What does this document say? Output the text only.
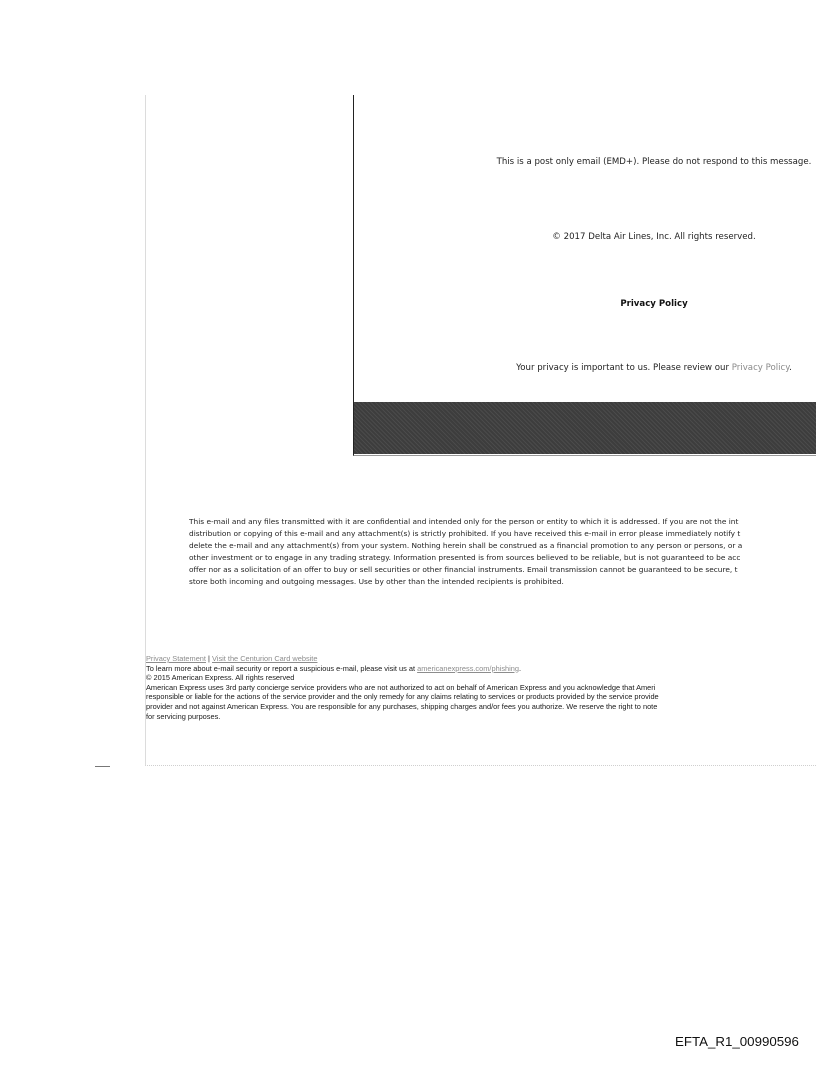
This is a post only email (EMD+). Please do not respond to this message.
© 2017 Delta Air Lines, Inc. All rights reserved.
Privacy Policy
Your privacy is important to us. Please review our Privacy Policy.
This e-mail and any files transmitted with it are confidential and intended only for the person or entity to which it is addressed. If you are not the int
distribution or copying of this e-mail and any attachment(s) is strictly prohibited. If you have received this e-mail in error please immediately notify t
delete the e-mail and any attachment(s) from your system. Nothing herein shall be construed as a financial promotion to any person or persons, or a
other investment or to engage in any trading strategy. Information presented is from sources believed to be reliable, but is not guaranteed to be acc
offer nor as a solicitation of an offer to buy or sell securities or other financial instruments. Email transmission cannot be guaranteed to be secure, t
store both incoming and outgoing messages. Use by other than the intended recipients is prohibited.
Privacy Statement | Visit the Centurion Card website
To learn more about e-mail security or report a suspicious e-mail, please visit us at americanexpress.com/phishing.
© 2015 American Express. All rights reserved
American Express uses 3rd party concierge service providers who are not authorized to act on behalf of American Express and you acknowledge that Ameri
responsible or liable for the actions of the service provider and the only remedy for any claims relating to services or products provided by the service provide
provider and not against American Express. You are responsible for any purchases, shipping charges and/or fees you authorize. We reserve the right to note
for servicing purposes.
EFTA_R1_00990596
